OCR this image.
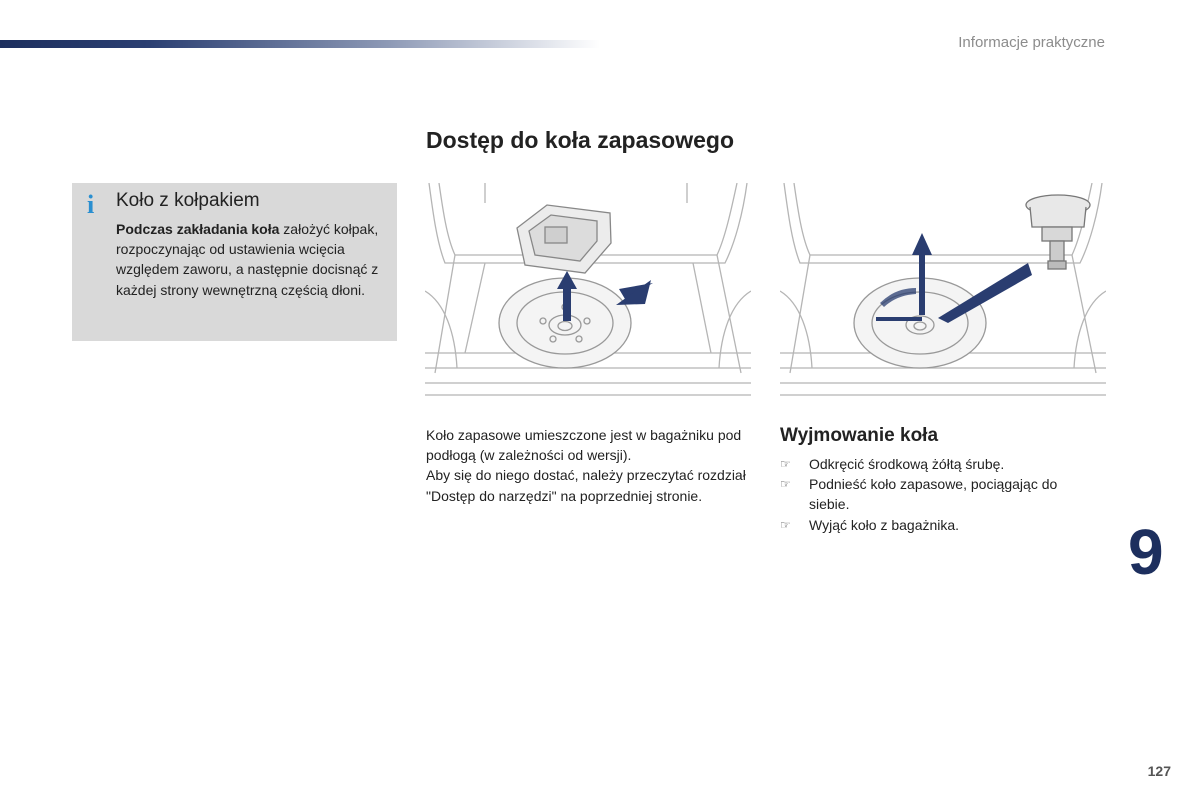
Informacje praktyczne
Dostęp do koła zapasowego
i Koło z kołpakiem
Podczas zakładania koła założyć kołpak, rozpoczynając od ustawienia wcięcia względem zaworu, a następnie docisnąć z każdej strony wewnętrzną częścią dłoni.

Koło zapasowe umieszczone jest w bagażniku pod podłogą (w zależności od wersji).

Aby się do niego dostać, należy przeczytać rozdział "Dostęp do narzędzi" na poprzedniej stronie.

Wyjmowanie koła
☞ Odkręcić środkową żółtą śrubę.
☞ Podnieść koło zapasowe, pociągając do siebie.
☞ Wyjąć koło z bagażnika.	9
127
